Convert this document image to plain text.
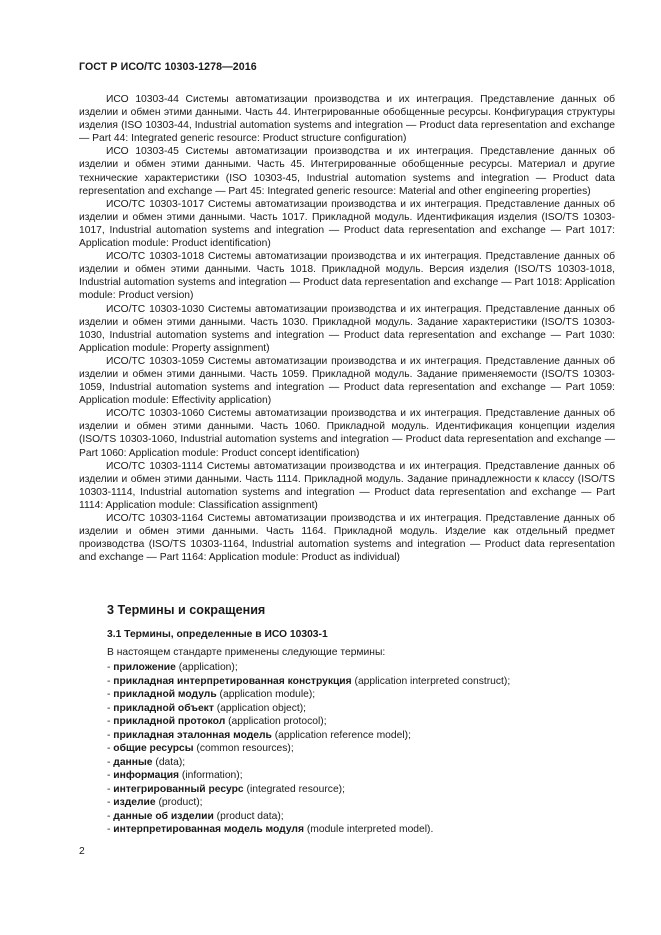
ГОСТ Р ИСО/ТС 10303-1278—2016

ИСО 10303-44 Системы автоматизации производства и их интеграция. Представление данных об изделии и обмен этими данными. Часть 44. Интегрированные обобщенные ресурсы. Конфигурация структуры изделия (ISO 10303-44, Industrial automation systems and integration — Product data representation and exchange — Part 44: Integrated generic resource: Product structure configuration)

ИСО 10303-45 Системы автоматизации производства и их интеграция. Представление данных об изделии и обмен этими данными. Часть 45. Интегрированные обобщенные ресурсы. Материал и другие технические характеристики (ISO 10303-45, Industrial automation systems and integration — Product data representation and exchange — Part 45: Integrated generic resource: Material and other engineering properties)

ИСО/ТС 10303-1017 Системы автоматизации производства и их интеграция. Представление данных об изделии и обмен этими данными. Часть 1017. Прикладной модуль. Идентификация изделия (ISO/TS 10303-1017, Industrial automation systems and integration — Product data representation and exchange — Part 1017: Application module: Product identification)

ИСО/ТС 10303-1018 Системы автоматизации производства и их интеграция. Представление данных об изделии и обмен этими данными. Часть 1018. Прикладной модуль. Версия изделия (ISO/TS 10303-1018, Industrial automation systems and integration — Product data representation and exchange — Part 1018: Application module: Product version)

ИСО/ТС 10303-1030 Системы автоматизации производства и их интеграция. Представление данных об изделии и обмен этими данными. Часть 1030. Прикладной модуль. Задание характеристики (ISO/TS 10303-1030, Industrial automation systems and integration — Product data representation and exchange — Part 1030: Application module: Property assignment)

ИСО/ТС 10303-1059 Системы автоматизации производства и их интеграция. Представление данных об изделии и обмен этими данными. Часть 1059. Прикладной модуль. Задание применяемости (ISO/TS 10303-1059, Industrial automation systems and integration — Product data representation and exchange — Part 1059: Application module: Effectivity application)

ИСО/ТС 10303-1060 Системы автоматизации производства и их интеграция. Представление данных об изделии и обмен этими данными. Часть 1060. Прикладной модуль. Идентификация концепции изделия (ISO/TS 10303-1060, Industrial automation systems and integration — Product data representation and exchange — Part 1060: Application module: Product concept identification)

ИСО/ТС 10303-1114 Системы автоматизации производства и их интеграция. Представление данных об изделии и обмен этими данными. Часть 1114. Прикладной модуль. Задание принадлежности к классу (ISO/TS 10303-1114, Industrial automation systems and integration — Product data representation and exchange — Part 1114: Application module: Classification assignment)

ИСО/ТС 10303-1164 Системы автоматизации производства и их интеграция. Представление данных об изделии и обмен этими данными. Часть 1164. Прикладной модуль. Изделие как отдельный предмет производства (ISO/TS 10303-1164, Industrial automation systems and integration — Product data representation and exchange — Part 1164: Application module: Product as individual)

3 Термины и сокращения
3.1 Термины, определенные в ИСО 10303-1

В настоящем стандарте применены следующие термины:

- приложение (application);
- прикладная интерпретированная конструкция (application interpreted construct);
- прикладной модуль (application module);
- прикладной объект (application object);
- прикладной протокол (application protocol);
- прикладная эталонная модель (application reference model);
- общие ресурсы (common resources);
- данные (data);
- информация (information);
- интегрированный ресурс (integrated resource);
- изделие (product);
- данные об изделии (product data);
- интерпретированная модель модуля (module interpreted model).
2
